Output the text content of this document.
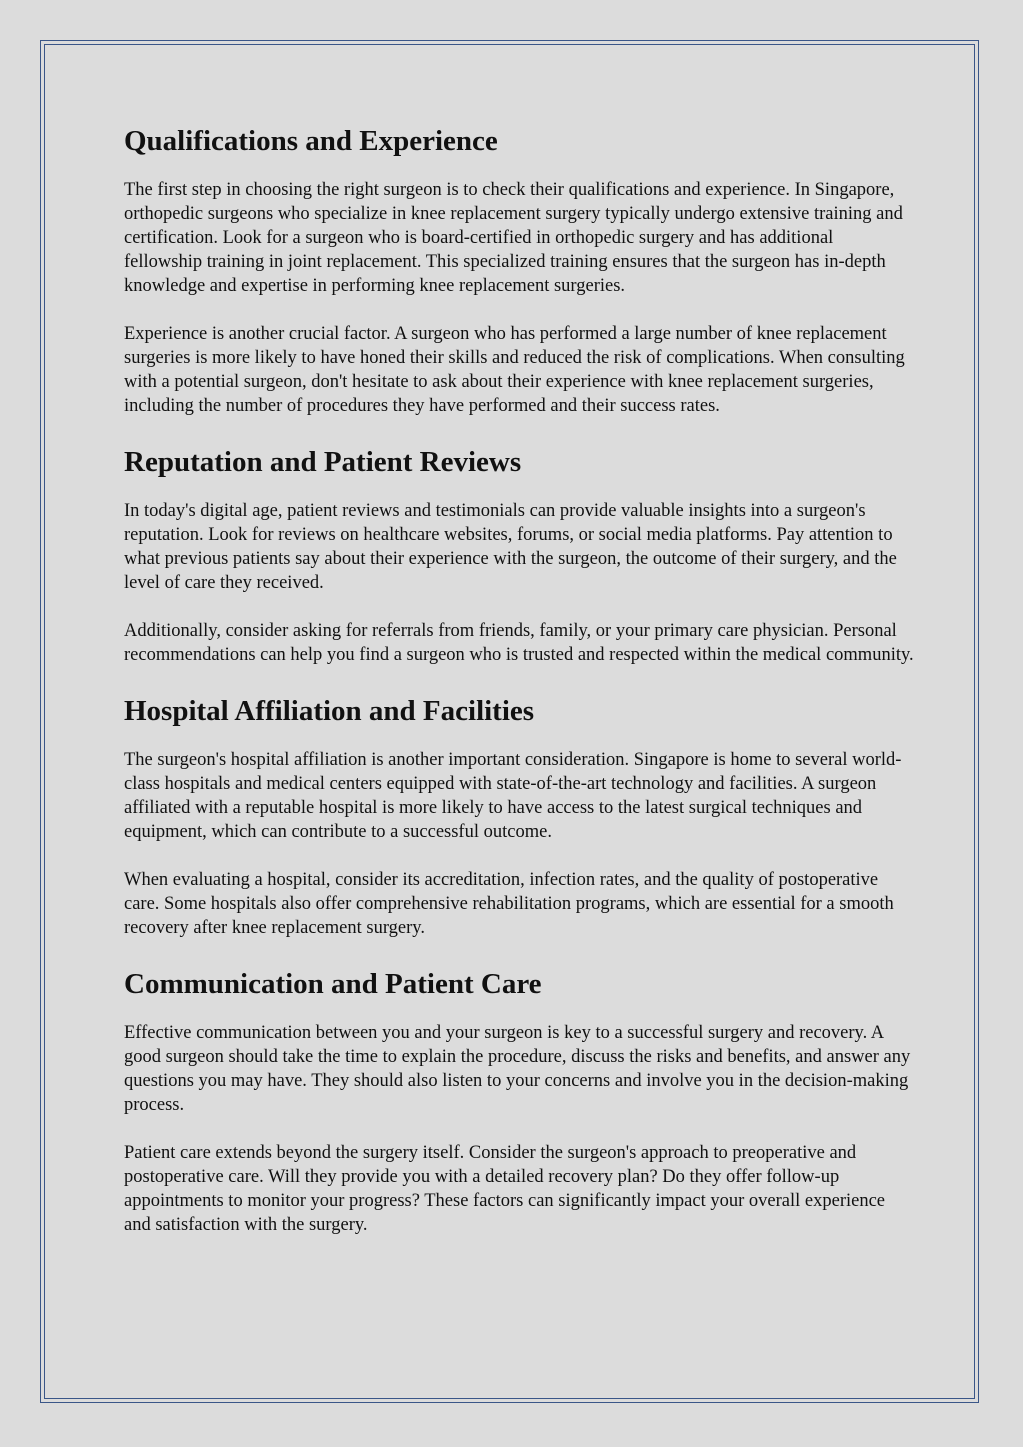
Qualifications and Experience

The first step in choosing the right surgeon is to check their qualifications and experience. In Singapore, orthopedic surgeons who specialize in knee replacement surgery typically undergo extensive training and certification. Look for a surgeon who is board-certified in orthopedic surgery and has additional fellowship training in joint replacement. This specialized training ensures that the surgeon has in-depth knowledge and expertise in performing knee replacement surgeries.

Experience is another crucial factor. A surgeon who has performed a large number of knee replacement surgeries is more likely to have honed their skills and reduced the risk of complications. When consulting with a potential surgeon, don't hesitate to ask about their experience with knee replacement surgeries, including the number of procedures they have performed and their success rates.

Reputation and Patient Reviews

In today's digital age, patient reviews and testimonials can provide valuable insights into a surgeon's reputation. Look for reviews on healthcare websites, forums, or social media platforms. Pay attention to what previous patients say about their experience with the surgeon, the outcome of their surgery, and the level of care they received.

Additionally, consider asking for referrals from friends, family, or your primary care physician. Personal recommendations can help you find a surgeon who is trusted and respected within the medical community.

Hospital Affiliation and Facilities

The surgeon's hospital affiliation is another important consideration. Singapore is home to several world-class hospitals and medical centers equipped with state-of-the-art technology and facilities. A surgeon affiliated with a reputable hospital is more likely to have access to the latest surgical techniques and equipment, which can contribute to a successful outcome.

When evaluating a hospital, consider its accreditation, infection rates, and the quality of postoperative care. Some hospitals also offer comprehensive rehabilitation programs, which are essential for a smooth recovery after knee replacement surgery.

Communication and Patient Care

Effective communication between you and your surgeon is key to a successful surgery and recovery. A good surgeon should take the time to explain the procedure, discuss the risks and benefits, and answer any questions you may have. They should also listen to your concerns and involve you in the decision-making process.

Patient care extends beyond the surgery itself. Consider the surgeon's approach to preoperative and postoperative care. Will they provide you with a detailed recovery plan? Do they offer follow-up appointments to monitor your progress? These factors can significantly impact your overall experience and satisfaction with the surgery.
